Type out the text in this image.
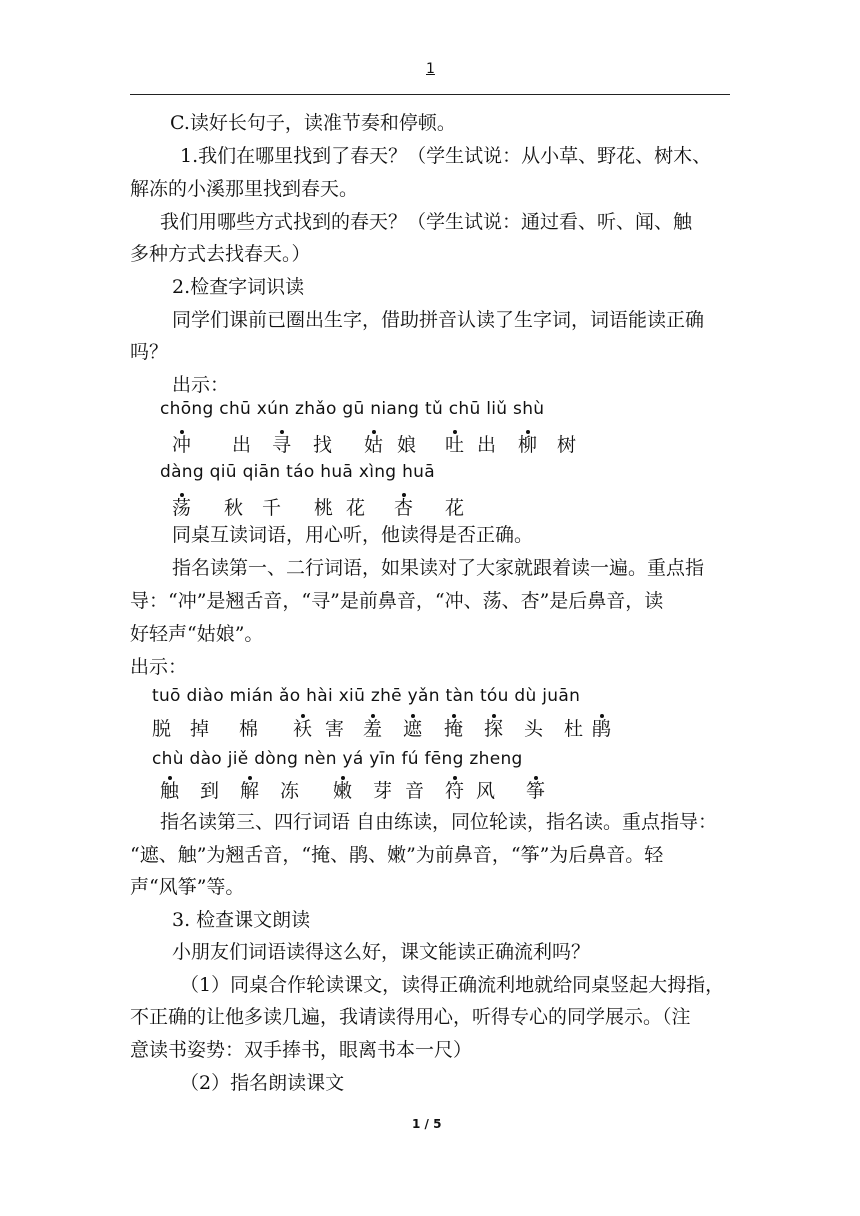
1

C.读好长句子，读准节奏和停顿。

1.我们在哪里找到了春天？（学生试说：从小草、野花、树木、

解冻的小溪那里找到春天。

我们用哪些方式找到的春天？（学生试说：通过看、听、闻、触

多种方式去找春天。）

2.检查字词识读

同学们课前已圈出生字，借助拼音认读了生字词，词语能读正确

吗？

出示：

chōng chū xún zhǎo gū niang tǔ chū liǔ shù

冲 出 寻 找 姑 娘 吐 出 柳 树

dàng qiū qiān táo huā xìng huā

荡 秋 千 桃 花 杏 花

同桌互读词语，用心听，他读得是否正确。

指名读第一、二行词语，如果读对了大家就跟着读一遍。重点指

导：“冲”是翘舌音，“寻”是前鼻音，“冲、荡、杏”是后鼻音，读

好轻声“姑娘”。

出示：

tuō diào mián ǎo hài xiū zhē yǎn tàn tóu dù juān

脱 掉 棉 袄 害 羞 遮 掩 探 头 杜 鹃

chù dào jiě dòng nèn yá yīn fú fēng zheng

触 到 解 冻 嫩 芽 音 符 风 筝

指名读第三、四行词语 自由练读，同位轮读，指名读。重点指导：

“遮、触”为翘舌音，“掩、鹃、嫩”为前鼻音，“筝”为后鼻音。轻

声“风筝”等。

3. 检查课文朗读

小朋友们词语读得这么好，课文能读正确流利吗？

（1）同桌合作轮读课文，读得正确流利地就给同桌竖起大拇指，

不正确的让他多读几遍，我请读得用心，听得专心的同学展示。（注

意读书姿势：双手捧书，眼离书本一尺）

（2）指名朗读课文

1 / 5
